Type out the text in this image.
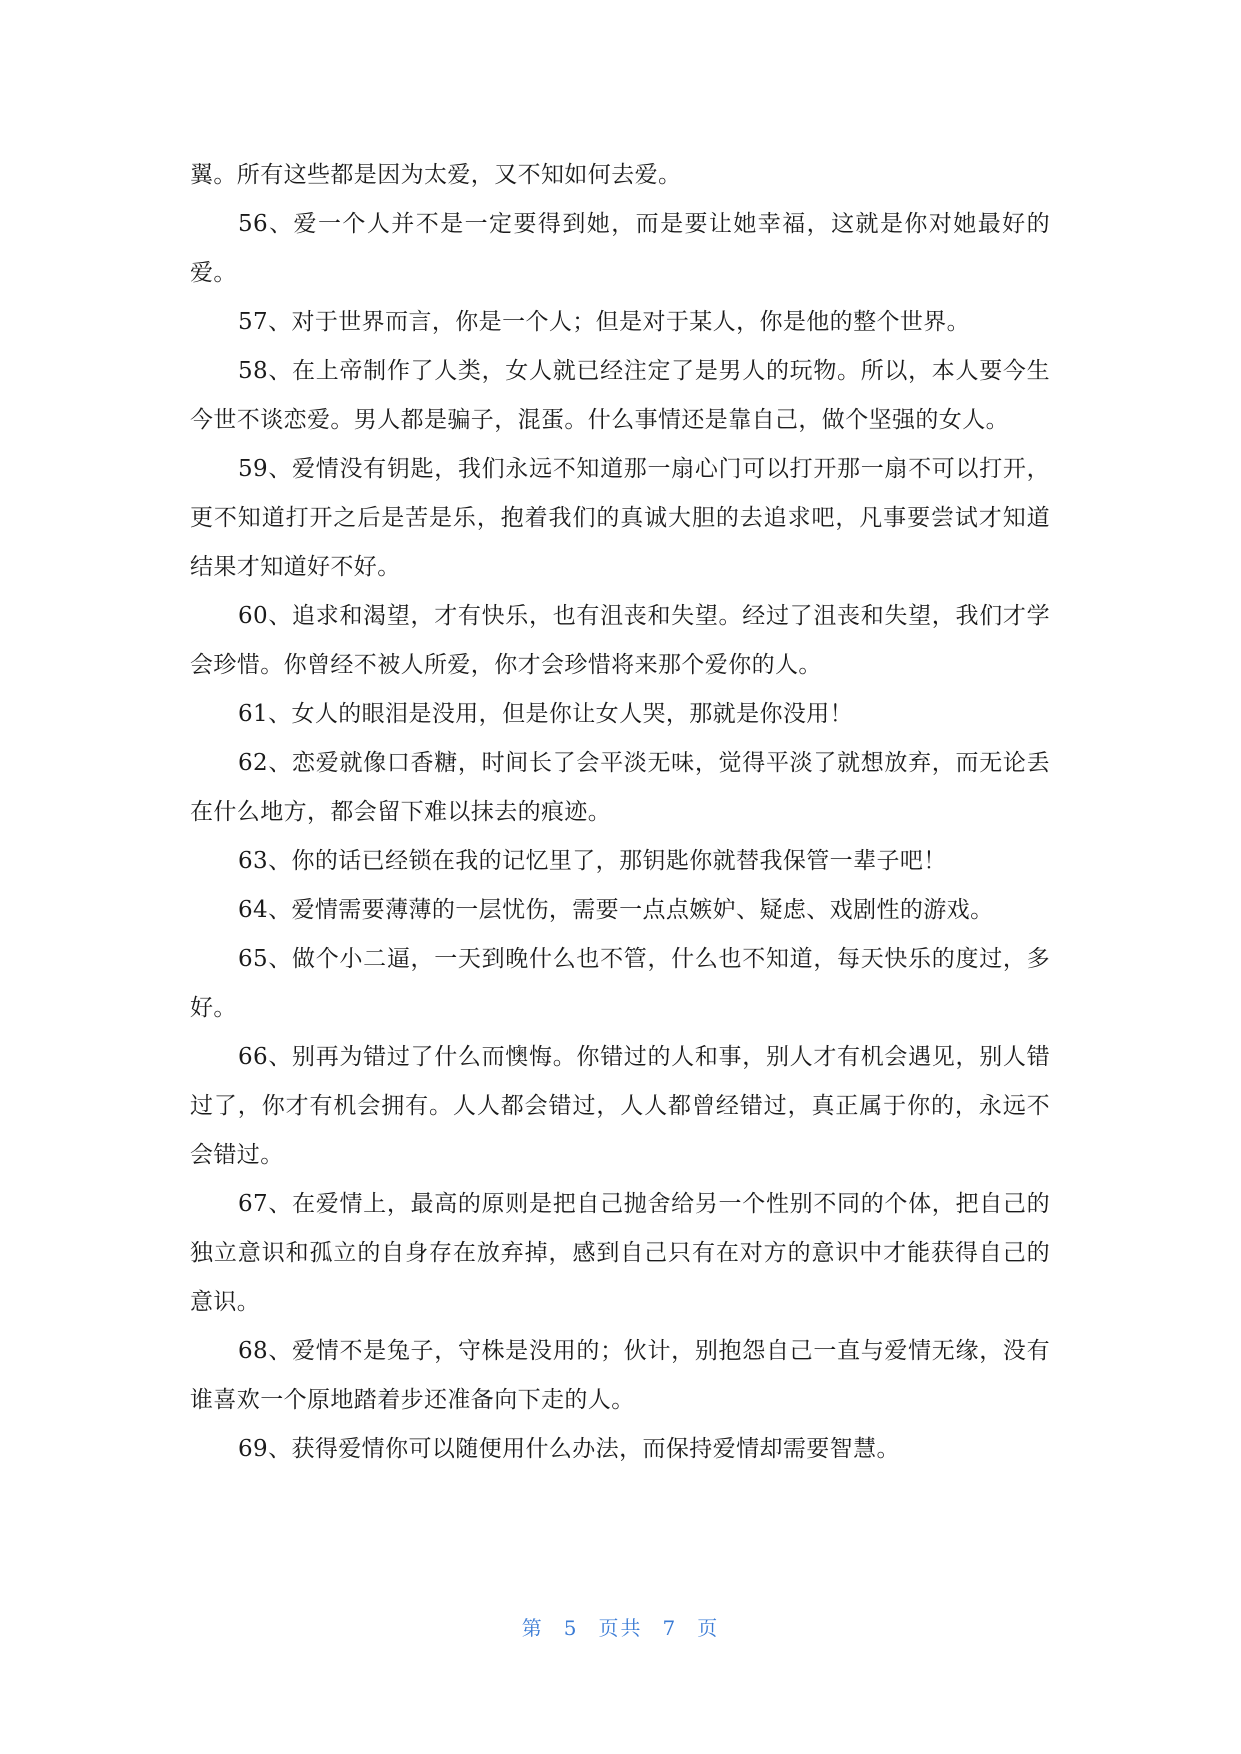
翼。所有这些都是因为太爱，又不知如何去爱。

56、爱一个人并不是一定要得到她，而是要让她幸福，这就是你对她最好的爱。

57、对于世界而言，你是一个人；但是对于某人，你是他的整个世界。

58、在上帝制作了人类，女人就已经注定了是男人的玩物。所以，本人要今生今世不谈恋爱。男人都是骗子，混蛋。什么事情还是靠自己，做个坚强的女人。

59、爱情没有钥匙，我们永远不知道那一扇心门可以打开那一扇不可以打开，更不知道打开之后是苦是乐，抱着我们的真诚大胆的去追求吧，凡事要尝试才知道结果才知道好不好。

60、追求和渴望，才有快乐，也有沮丧和失望。经过了沮丧和失望，我们才学会珍惜。你曾经不被人所爱，你才会珍惜将来那个爱你的人。

61、女人的眼泪是没用，但是你让女人哭，那就是你没用！

62、恋爱就像口香糖，时间长了会平淡无味，觉得平淡了就想放弃，而无论丢在什么地方，都会留下难以抹去的痕迹。

63、你的话已经锁在我的记忆里了，那钥匙你就替我保管一辈子吧！

64、爱情需要薄薄的一层忧伤，需要一点点嫉妒、疑虑、戏剧性的游戏。

65、做个小二逼，一天到晚什么也不管，什么也不知道，每天快乐的度过，多好。

66、别再为错过了什么而懊悔。你错过的人和事，别人才有机会遇见，别人错过了，你才有机会拥有。人人都会错过，人人都曾经错过，真正属于你的，永远不会错过。

67、在爱情上，最高的原则是把自己抛舍给另一个性别不同的个体，把自己的独立意识和孤立的自身存在放弃掉，感到自己只有在对方的意识中才能获得自己的意识。

68、爱情不是兔子，守株是没用的；伙计，别抱怨自己一直与爱情无缘，没有谁喜欢一个原地踏着步还准备向下走的人。

69、获得爱情你可以随便用什么办法，而保持爱情却需要智慧。

第 5 页共 7 页
